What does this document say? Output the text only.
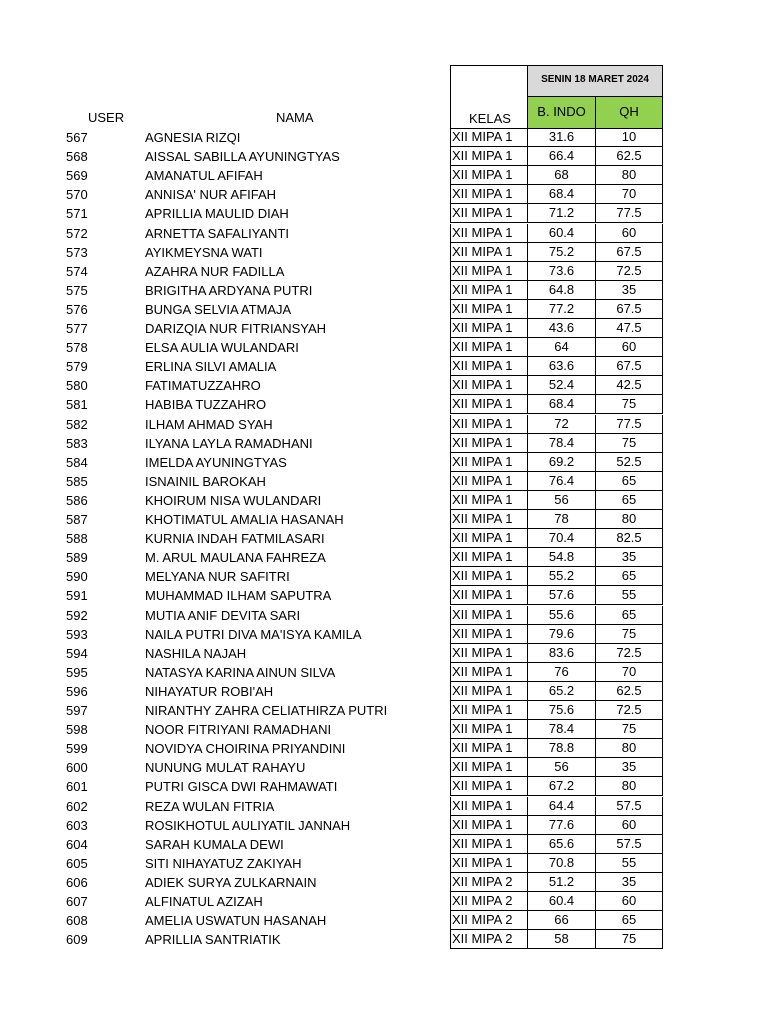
USER	NAMA	KELAS
SENIN 18 MARET 2024
B. INDO	QH
567	AGNESIA RIZQI	XII MIPA 1	31.6	10
568	AISSAL SABILLA AYUNINGTYAS	XII MIPA 1	66.4	62.5
569	AMANATUL AFIFAH	XII MIPA 1	68	80
570	ANNISA' NUR AFIFAH	XII MIPA 1	68.4	70
571	APRILLIA MAULID DIAH	XII MIPA 1	71.2	77.5
572	ARNETTA SAFALIYANTI	XII MIPA 1	60.4	60
573	AYIKMEYSNA WATI	XII MIPA 1	75.2	67.5
574	AZAHRA NUR FADILLA	XII MIPA 1	73.6	72.5
575	BRIGITHA ARDYANA PUTRI	XII MIPA 1	64.8	35
576	BUNGA SELVIA ATMAJA	XII MIPA 1	77.2	67.5
577	DARIZQIA NUR FITRIANSYAH	XII MIPA 1	43.6	47.5
578	ELSA AULIA WULANDARI	XII MIPA 1	64	60
579	ERLINA SILVI AMALIA	XII MIPA 1	63.6	67.5
580	FATIMATUZZAHRO	XII MIPA 1	52.4	42.5
581	HABIBA TUZZAHRO	XII MIPA 1	68.4	75
582	ILHAM AHMAD SYAH	XII MIPA 1	72	77.5
583	ILYANA LAYLA RAMADHANI	XII MIPA 1	78.4	75
584	IMELDA AYUNINGTYAS	XII MIPA 1	69.2	52.5
585	ISNAINIL BAROKAH	XII MIPA 1	76.4	65
586	KHOIRUM NISA WULANDARI	XII MIPA 1	56	65
587	KHOTIMATUL AMALIA HASANAH	XII MIPA 1	78	80
588	KURNIA INDAH FATMILASARI	XII MIPA 1	70.4	82.5
589	M. ARUL MAULANA FAHREZA	XII MIPA 1	54.8	35
590	MELYANA NUR SAFITRI	XII MIPA 1	55.2	65
591	MUHAMMAD ILHAM SAPUTRA	XII MIPA 1	57.6	55
592	MUTIA ANIF DEVITA SARI	XII MIPA 1	55.6	65
593	NAILA PUTRI DIVA MA'ISYA KAMILA	XII MIPA 1	79.6	75
594	NASHILA NAJAH	XII MIPA 1	83.6	72.5
595	NATASYA KARINA AINUN SILVA	XII MIPA 1	76	70
596	NIHAYATUR ROBI'AH	XII MIPA 1	65.2	62.5
597	NIRANTHY ZAHRA CELIATHIRZA PUTRI	XII MIPA 1	75.6	72.5
598	NOOR FITRIYANI RAMADHANI	XII MIPA 1	78.4	75
599	NOVIDYA CHOIRINA PRIYANDINI	XII MIPA 1	78.8	80
600	NUNUNG MULAT RAHAYU	XII MIPA 1	56	35
601	PUTRI GISCA DWI RAHMAWATI	XII MIPA 1	67.2	80
602	REZA WULAN FITRIA	XII MIPA 1	64.4	57.5
603	ROSIKHOTUL AULIYATIL JANNAH	XII MIPA 1	77.6	60
604	SARAH KUMALA DEWI	XII MIPA 1	65.6	57.5
605	SITI NIHAYATUZ ZAKIYAH	XII MIPA 1	70.8	55
606	ADIEK SURYA ZULKARNAIN	XII MIPA 2	51.2	35
607	ALFINATUL AZIZAH	XII MIPA 2	60.4	60
608	AMELIA USWATUN HASANAH	XII MIPA 2	66	65
609	APRILLIA SANTRIATIK	XII MIPA 2	58	75
